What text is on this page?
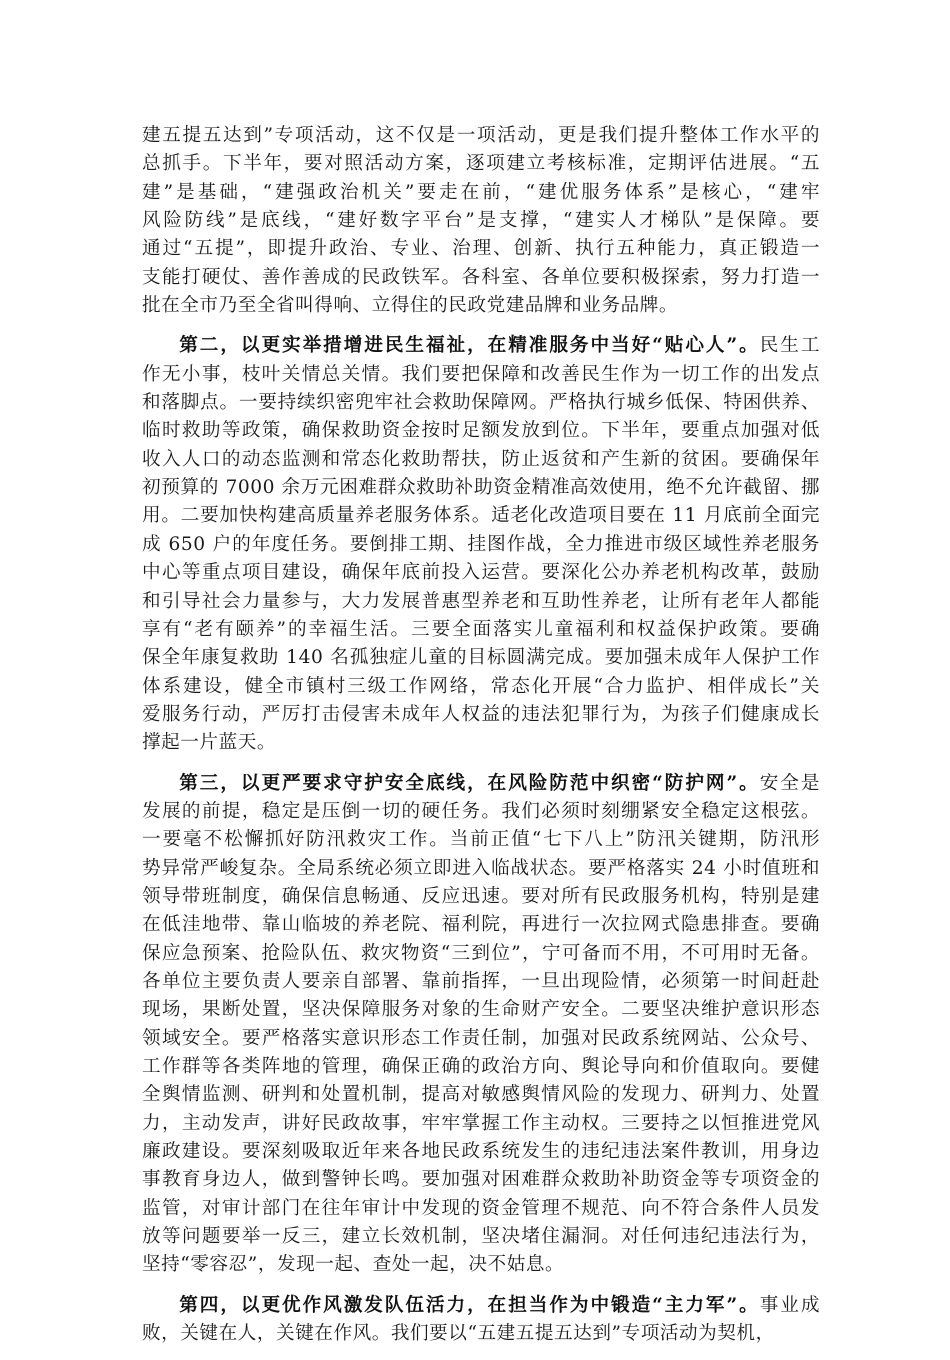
建五提五达到”专项活动，这不仅是一项活动，更是我们提升整体工作水平的
总抓手。下半年，要对照活动方案，逐项建立考核标准，定期评估进展。“五
建”是基础，“建强政治机关”要走在前，“建优服务体系”是核心，“建牢
风险防线”是底线，“建好数字平台”是支撑，“建实人才梯队”是保障。要
通过“五提”，即提升政治、专业、治理、创新、执行五种能力，真正锻造一
支能打硬仗、善作善成的民政铁军。各科室、各单位要积极探索，努力打造一
批在全市乃至全省叫得响、立得住的民政党建品牌和业务品牌。
第二，以更实举措增进民生福祉，在精准服务中当好“贴心人”。民生工
作无小事，枝叶关情总关情。我们要把保障和改善民生作为一切工作的出发点
和落脚点。一要持续织密兜牢社会救助保障网。严格执行城乡低保、特困供养、
临时救助等政策，确保救助资金按时足额发放到位。下半年，要重点加强对低
收入人口的动态监测和常态化救助帮扶，防止返贫和产生新的贫困。要确保年
初预算的 7000 余万元困难群众救助补助资金精准高效使用，绝不允许截留、挪
用。二要加快构建高质量养老服务体系。适老化改造项目要在 11 月底前全面完
成 650 户的年度任务。要倒排工期、挂图作战，全力推进市级区域性养老服务
中心等重点项目建设，确保年底前投入运营。要深化公办养老机构改革，鼓励
和引导社会力量参与，大力发展普惠型养老和互助性养老，让所有老年人都能
享有“老有颐养”的幸福生活。三要全面落实儿童福利和权益保护政策。要确
保全年康复救助 140 名孤独症儿童的目标圆满完成。要加强未成年人保护工作
体系建设，健全市镇村三级工作网络，常态化开展“合力监护、相伴成长”关
爱服务行动，严厉打击侵害未成年人权益的违法犯罪行为，为孩子们健康成长
撑起一片蓝天。
第三，以更严要求守护安全底线，在风险防范中织密“防护网”。安全是
发展的前提，稳定是压倒一切的硬任务。我们必须时刻绷紧安全稳定这根弦。
一要毫不松懈抓好防汛救灾工作。当前正值“七下八上”防汛关键期，防汛形
势异常严峻复杂。全局系统必须立即进入临战状态。要严格落实 24 小时值班和
领导带班制度，确保信息畅通、反应迅速。要对所有民政服务机构，特别是建
在低洼地带、靠山临坡的养老院、福利院，再进行一次拉网式隐患排查。要确
保应急预案、抢险队伍、救灾物资“三到位”，宁可备而不用，不可用时无备。
各单位主要负责人要亲自部署、靠前指挥，一旦出现险情，必须第一时间赶赴
现场，果断处置，坚决保障服务对象的生命财产安全。二要坚决维护意识形态
领域安全。要严格落实意识形态工作责任制，加强对民政系统网站、公众号、
工作群等各类阵地的管理，确保正确的政治方向、舆论导向和价值取向。要健
全舆情监测、研判和处置机制，提高对敏感舆情风险的发现力、研判力、处置
力，主动发声，讲好民政故事，牢牢掌握工作主动权。三要持之以恒推进党风
廉政建设。要深刻吸取近年来各地民政系统发生的违纪违法案件教训，用身边
事教育身边人，做到警钟长鸣。要加强对困难群众救助补助资金等专项资金的
监管，对审计部门在往年审计中发现的资金管理不规范、向不符合条件人员发
放等问题要举一反三，建立长效机制，坚决堵住漏洞。对任何违纪违法行为，
坚持“零容忍”，发现一起、查处一起，决不姑息。
第四，以更优作风激发队伍活力，在担当作为中锻造“主力军”。事业成
败，关键在人，关键在作风。我们要以“五建五提五达到”专项活动为契机，
